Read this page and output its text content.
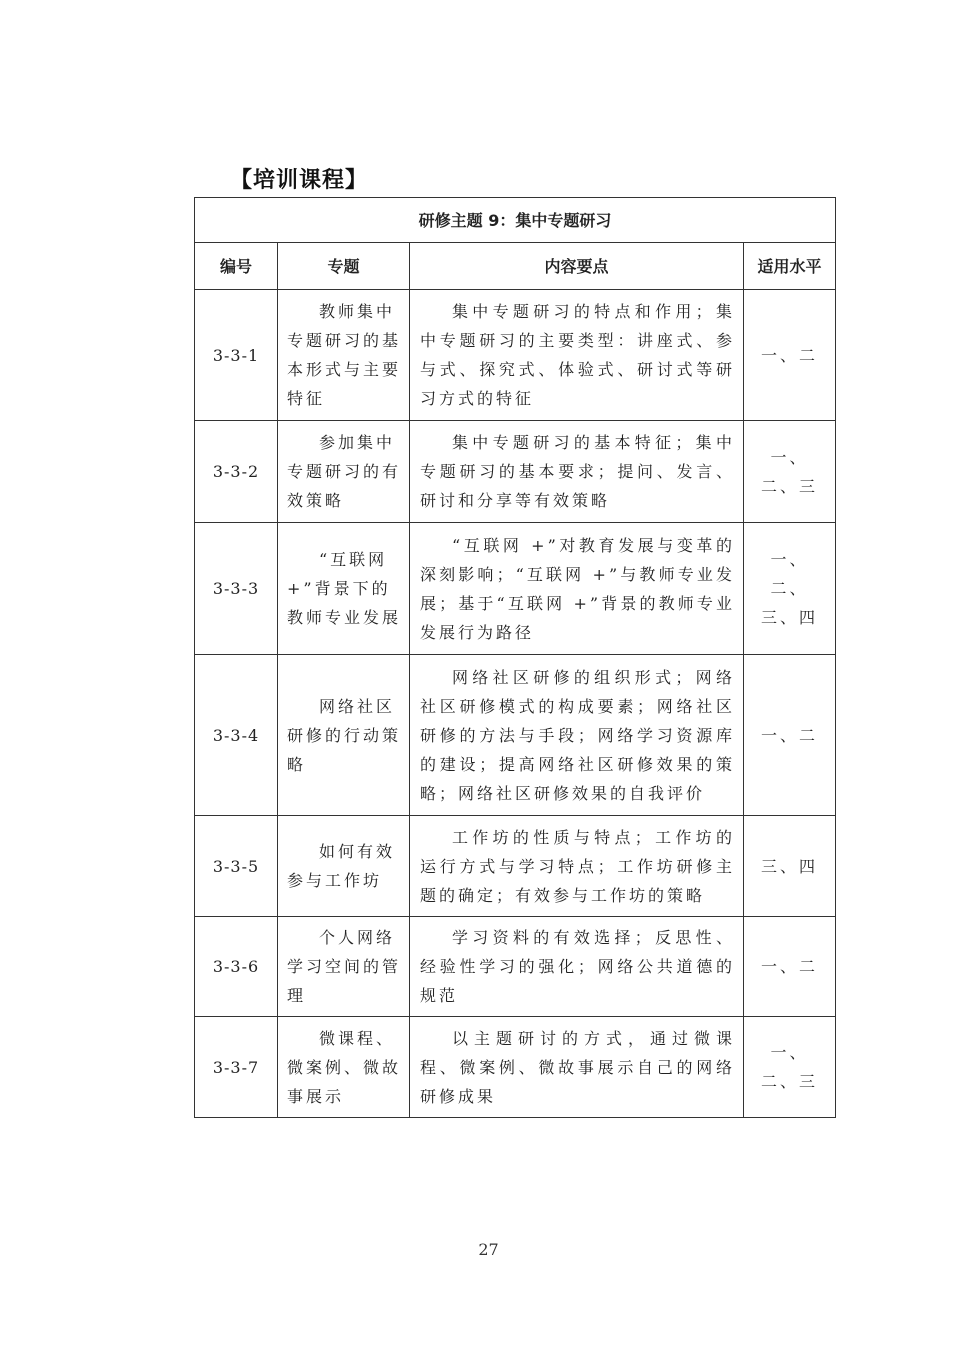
【培训课程】
研修主题 9：集中专题研习			
编号	专题	内容要点	适用水平
3-3-1	教师集中专题研习的基本形式与主要特征	集中专题研习的特点和作用；集中专题研习的主要类型：讲座式、参与式、探究式、体验式、研讨式等研习方式的特征	一、二
3-3-2	参加集中专题研习的有效策略	集中专题研习的基本特征；集中专题研习的基本要求；提问、发言、研讨和分享等有效策略	一、二、三
3-3-3	“互联网+”背景下的教师专业发展	“互联网 +”对教育发展与变革的深刻影响；“互联网 +”与教师专业发展；基于“互联网 +”背景的教师专业发展行为路径	一、二、三、四
3-3-4	网络社区研修的行动策略	网络社区研修的组织形式；网络社区研修模式的构成要素；网络社区研修的方法与手段；网络学习资源库的建设；提高网络社区研修效果的策略；网络社区研修效果的自我评价	一、二
3-3-5	如何有效参与工作坊	工作坊的性质与特点；工作坊的运行方式与学习特点；工作坊研修主题的确定；有效参与工作坊的策略	三、四
3-3-6	个人网络学习空间的管理	学习资料的有效选择；反思性、经验性学习的强化；网络公共道德的规范	一、二
3-3-7	微课程、微案例、微故事展示	以主题研讨的方式，通过微课程、微案例、微故事展示自己的网络研修成果	一、二、三
27
